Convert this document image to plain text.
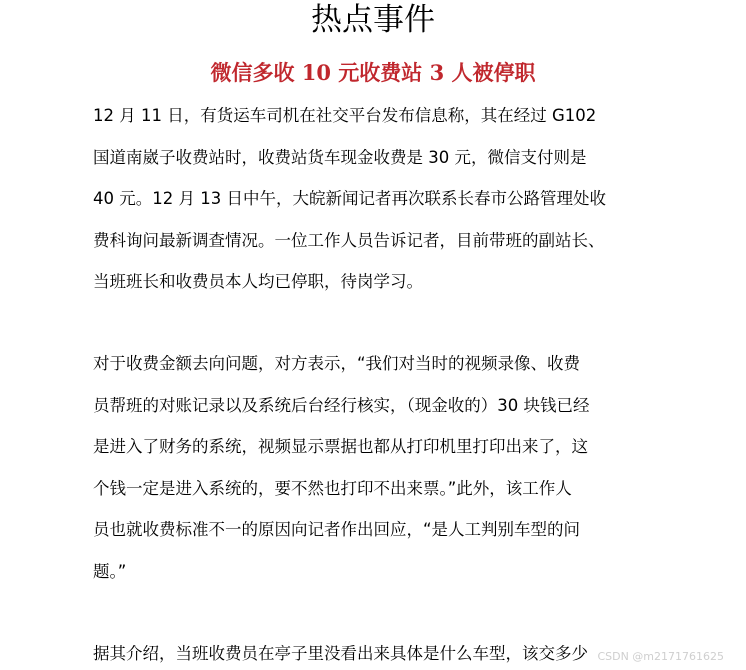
热点事件
微信多收 10 元收费站 3 人被停职
12 月 11 日，有货运车司机在社交平台发布信息称，其在经过 G102
国道南崴子收费站时，收费站货车现金收费是 30 元，微信支付则是
40 元。12 月 13 日中午，大皖新闻记者再次联系长春市公路管理处收
费科询问最新调查情况。一位工作人员告诉记者，目前带班的副站长、
当班班长和收费员本人均已停职，待岗学习。
对于收费金额去向问题，对方表示，“我们对当时的视频录像、收费
员帮班的对账记录以及系统后台经行核实，（现金收的）30 块钱已经
是进入了财务的系统，视频显示票据也都从打印机里打印出来了，这
个钱一定是进入系统的，要不然也打印不出来票。”此外，该工作人
员也就收费标准不一的原因向记者作出回应，“是人工判别车型的问
题。”
据其介绍，当班收费员在亭子里没看出来具体是什么车型，该交多少 CSDN @m2171761625
